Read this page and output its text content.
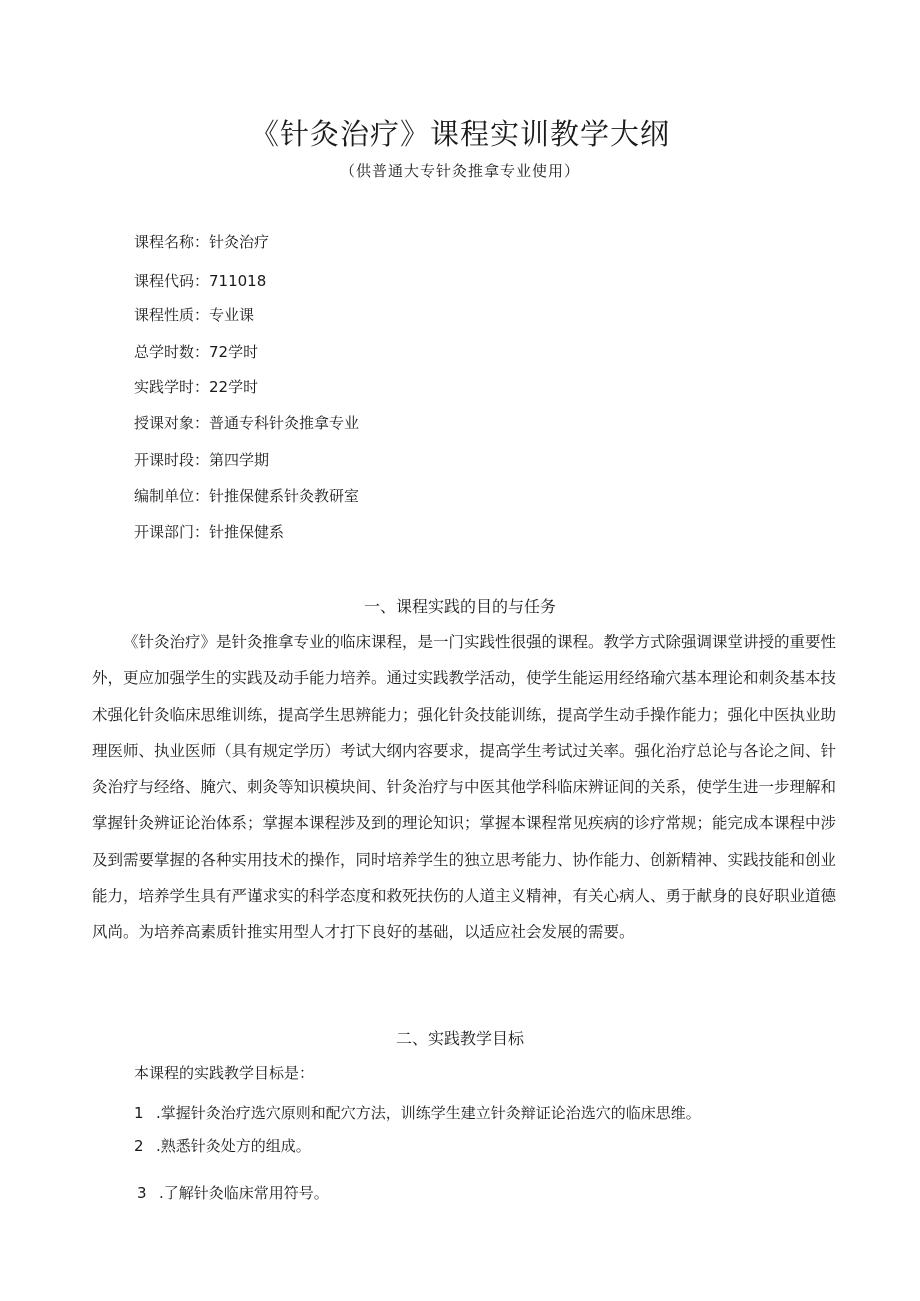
《针灸治疗》课程实训教学大纲
（供普通大专针灸推拿专业使用）
课程名称：针灸治疗
课程代码：711018
课程性质：专业课
总学时数：72学时
实践学时：22学时
授课对象：普通专科针灸推拿专业
开课时段：第四学期
编制单位：针推保健系针灸教研室
开课部门：针推保健系
一、课程实践的目的与任务

《针灸治疗》是针灸推拿专业的临床课程，是一门实践性很强的课程。教学方式除强调课堂讲授的重要性外，更应加强学生的实践及动手能力培养。通过实践教学活动，使学生能运用经络瑜穴基本理论和刺灸基本技术强化针灸临床思维训练，提高学生思辨能力；强化针灸技能训练，提高学生动手操作能力；强化中医执业助理医师、执业医师（具有规定学历）考试大纲内容要求，提高学生考试过关率。强化治疗总论与各论之间、针灸治疗与经络、腌穴、刺灸等知识模块间、针灸治疗与中医其他学科临床辨证间的关系，使学生进一步理解和掌握针灸辨证论治体系；掌握本课程涉及到的理论知识；掌握本课程常见疾病的诊疗常规；能完成本课程中涉及到需要掌握的各种实用技术的操作，同时培养学生的独立思考能力、协作能力、创新精神、实践技能和创业能力，培养学生具有严谨求实的科学态度和救死扶伤的人道主义精神，有关心病人、勇于献身的良好职业道德风尚。为培养高素质针推实用型人才打下良好的基础，以适应社会发展的需要。

二、实践教学目标
本课程的实践教学目标是：
1 .掌握针灸治疗选穴原则和配穴方法，训练学生建立针灸辩证论治选穴的临床思维。
2 .熟悉针灸处方的组成。
3 .了解针灸临床常用符号。
